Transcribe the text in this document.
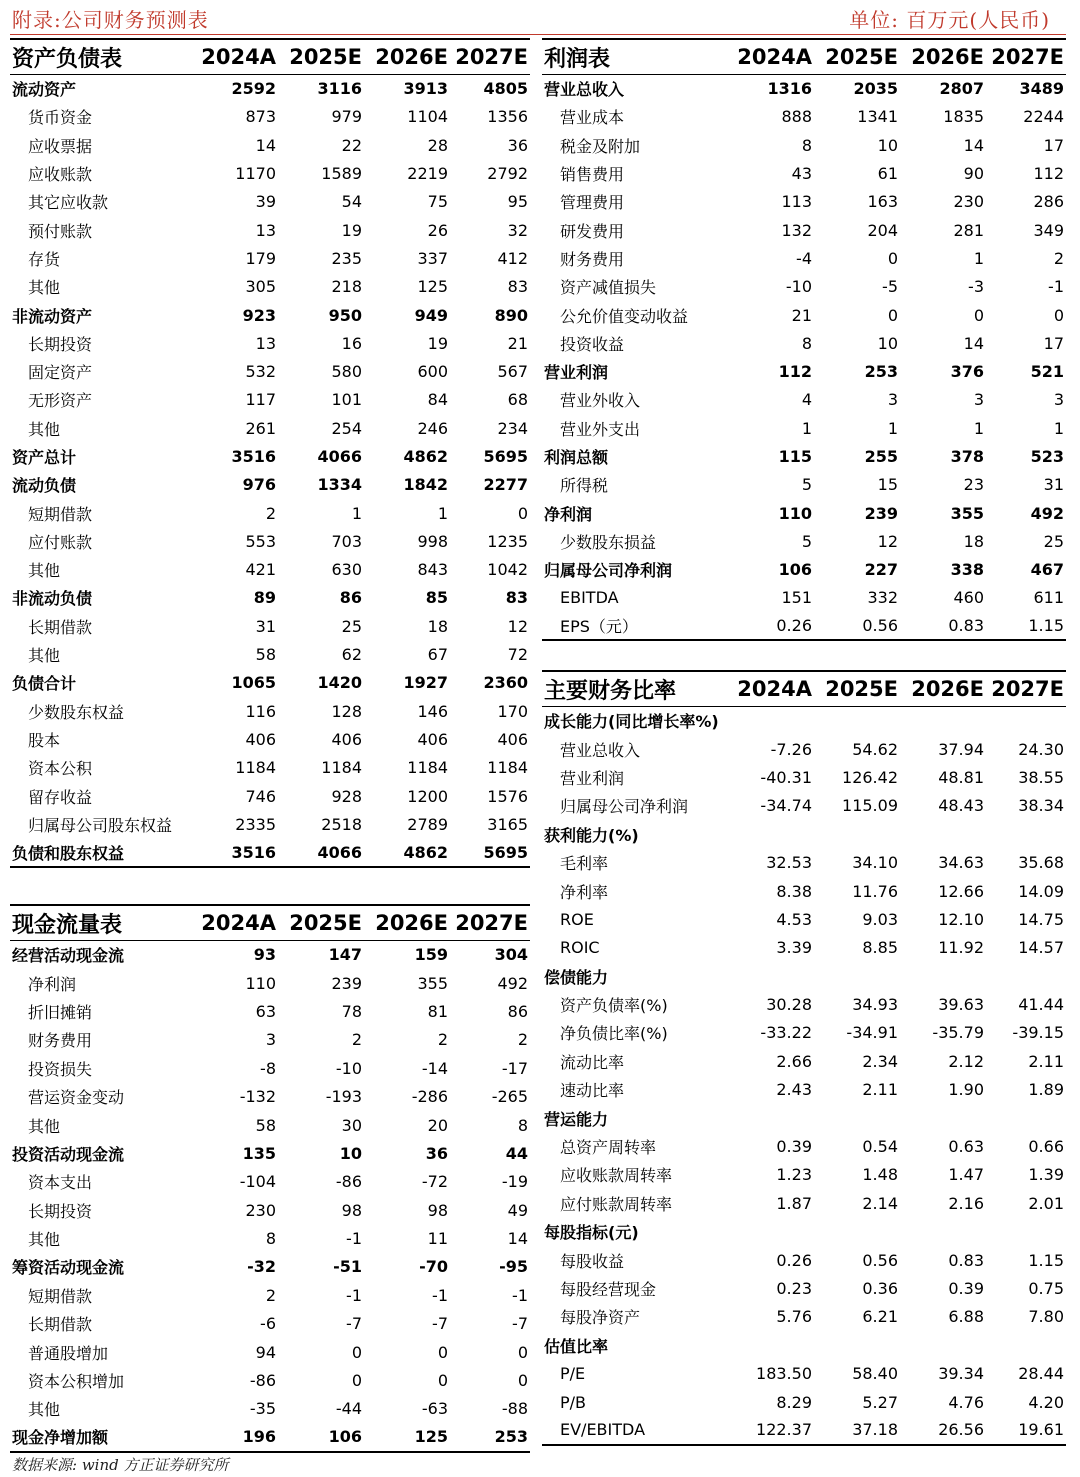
附录:公司财务预测表	单位: 百万元(人民币)
资产负债表	2024A	2025E	2026E	2027E
流动资产	2592	3116	3913	4805
货币资金	873	979	1104	1356
应收票据	14	22	28	36
应收账款	1170	1589	2219	2792
其它应收款	39	54	75	95
预付账款	13	19	26	32
存货	179	235	337	412
其他	305	218	125	83
非流动资产	923	950	949	890
长期投资	13	16	19	21
固定资产	532	580	600	567
无形资产	117	101	84	68
其他	261	254	246	234
资产总计	3516	4066	4862	5695
流动负债	976	1334	1842	2277
短期借款	2	1	1	0
应付账款	553	703	998	1235
其他	421	630	843	1042
非流动负债	89	86	85	83
长期借款	31	25	18	12
其他	58	62	67	72
负债合计	1065	1420	1927	2360
少数股东权益	116	128	146	170
股本	406	406	406	406
资本公积	1184	1184	1184	1184
留存收益	746	928	1200	1576
归属母公司股东权益	2335	2518	2789	3165
负债和股东权益	3516	4066	4862	5695
现金流量表	2024A	2025E	2026E	2027E
经营活动现金流	93	147	159	304
净利润	110	239	355	492
折旧摊销	63	78	81	86
财务费用	3	2	2	2
投资损失	-8	-10	-14	-17
营运资金变动	-132	-193	-286	-265
其他	58	30	20	8
投资活动现金流	135	10	36	44
资本支出	-104	-86	-72	-19
长期投资	230	98	98	49
其他	8	-1	11	14
筹资活动现金流	-32	-51	-70	-95
短期借款	2	-1	-1	-1
长期借款	-6	-7	-7	-7
普通股增加	94	0	0	0
资本公积增加	-86	0	0	0
其他	-35	-44	-63	-88
现金净增加额	196	106	125	253
利润表	2024A	2025E	2026E	2027E
营业总收入	1316	2035	2807	3489
营业成本	888	1341	1835	2244
税金及附加	8	10	14	17
销售费用	43	61	90	112
管理费用	113	163	230	286
研发费用	132	204	281	349
财务费用	-4	0	1	2
资产减值损失	-10	-5	-3	-1
公允价值变动收益	21	0	0	0
投资收益	8	10	14	17
营业利润	112	253	376	521
营业外收入	4	3	3	3
营业外支出	1	1	1	1
利润总额	115	255	378	523
所得税	5	15	23	31
净利润	110	239	355	492
少数股东损益	5	12	18	25
归属母公司净利润	106	227	338	467
EBITDA	151	332	460	611
EPS（元）	0.26	0.56	0.83	1.15
主要财务比率	2024A	2025E	2026E	2027E
成长能力(同比增长率%)				
营业总收入	-7.26	54.62	37.94	24.30
营业利润	-40.31	126.42	48.81	38.55
归属母公司净利润	-34.74	115.09	48.43	38.34
获利能力(%)				
毛利率	32.53	34.10	34.63	35.68
净利率	8.38	11.76	12.66	14.09
ROE	4.53	9.03	12.10	14.75
ROIC	3.39	8.85	11.92	14.57
偿债能力				
资产负债率(%)	30.28	34.93	39.63	41.44
净负债比率(%)	-33.22	-34.91	-35.79	-39.15
流动比率	2.66	2.34	2.12	2.11
速动比率	2.43	2.11	1.90	1.89
营运能力				
总资产周转率	0.39	0.54	0.63	0.66
应收账款周转率	1.23	1.48	1.47	1.39
应付账款周转率	1.87	2.14	2.16	2.01
每股指标(元)				
每股收益	0.26	0.56	0.83	1.15
每股经营现金	0.23	0.36	0.39	0.75
每股净资产	5.76	6.21	6.88	7.80
估值比率				
P/E	183.50	58.40	39.34	28.44
P/B	8.29	5.27	4.76	4.20
EV/EBITDA	122.37	37.18	26.56	19.61
数据来源: wind 方正证券研究所
